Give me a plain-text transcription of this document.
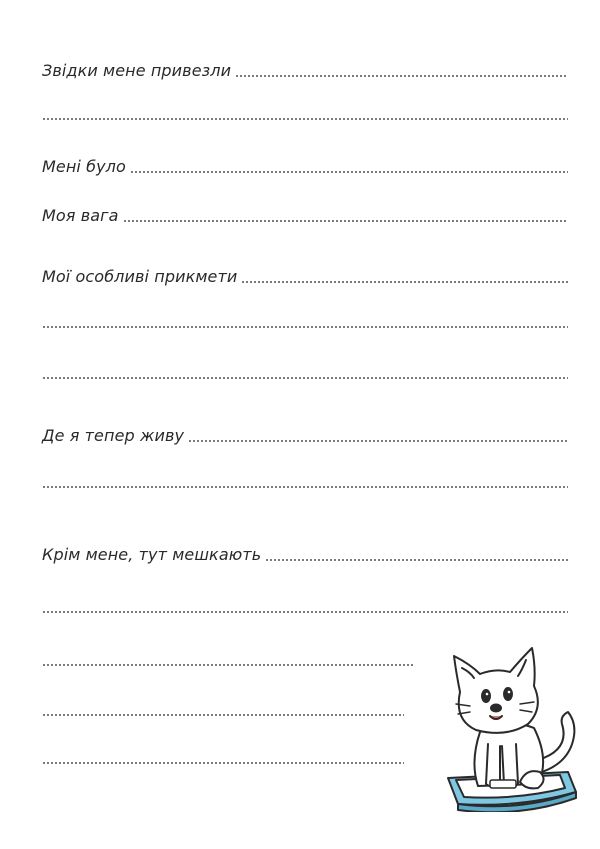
Звідки мене привезли
Мені було
Моя вага
Мої особливі прикмети
Де я тепер живу
Крім мене, тут мешкають
